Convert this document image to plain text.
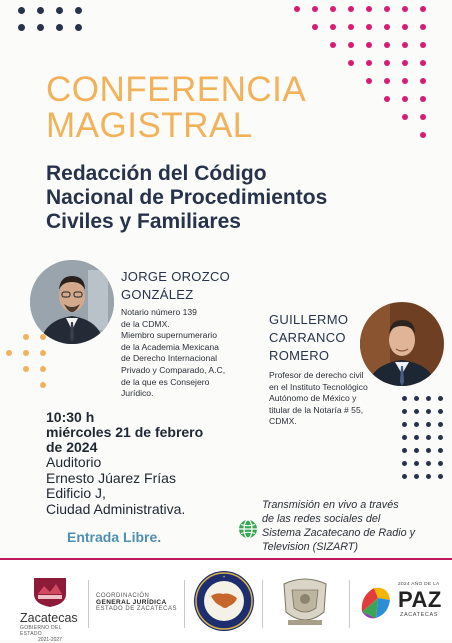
CONFERENCIA
MAGISTRAL
Redacción del Código
Nacional de Procedimientos
Civiles y Familiares
JORGE OROZCO
GONZÁLEZ
Notario número 139
de la CDMX.
Miembro supernumerario
de la Academia Mexicana
de Derecho Internacional
Privado y Comparado, A.C,
de la que es Consejero
Jurídico.
GUILLERMO
CARRANCO
ROMERO
Profesor de derecho civil
en el Instituto Tecnológico
Autónomo de México y
titular de la Notaría # 55,
CDMX.
10:30 h
miércoles 21 de febrero
de 2024
Auditorio
Ernesto Júarez Frías
Edificio J,
Ciudad Administrativa.
Entrada Libre.
Transmisión en vivo a través
de las redes sociales del
Sistema Zacatecano de Radio y
Television (SIZART)
Zacatecas
GOBIERNO DEL ESTADO
2021-2027
COORDINACIÓN
GENERAL JURÍDICA
ESTADO DE ZACATECAS
✦
2024 AÑO DE LA
PAZ
ZACATECAS
